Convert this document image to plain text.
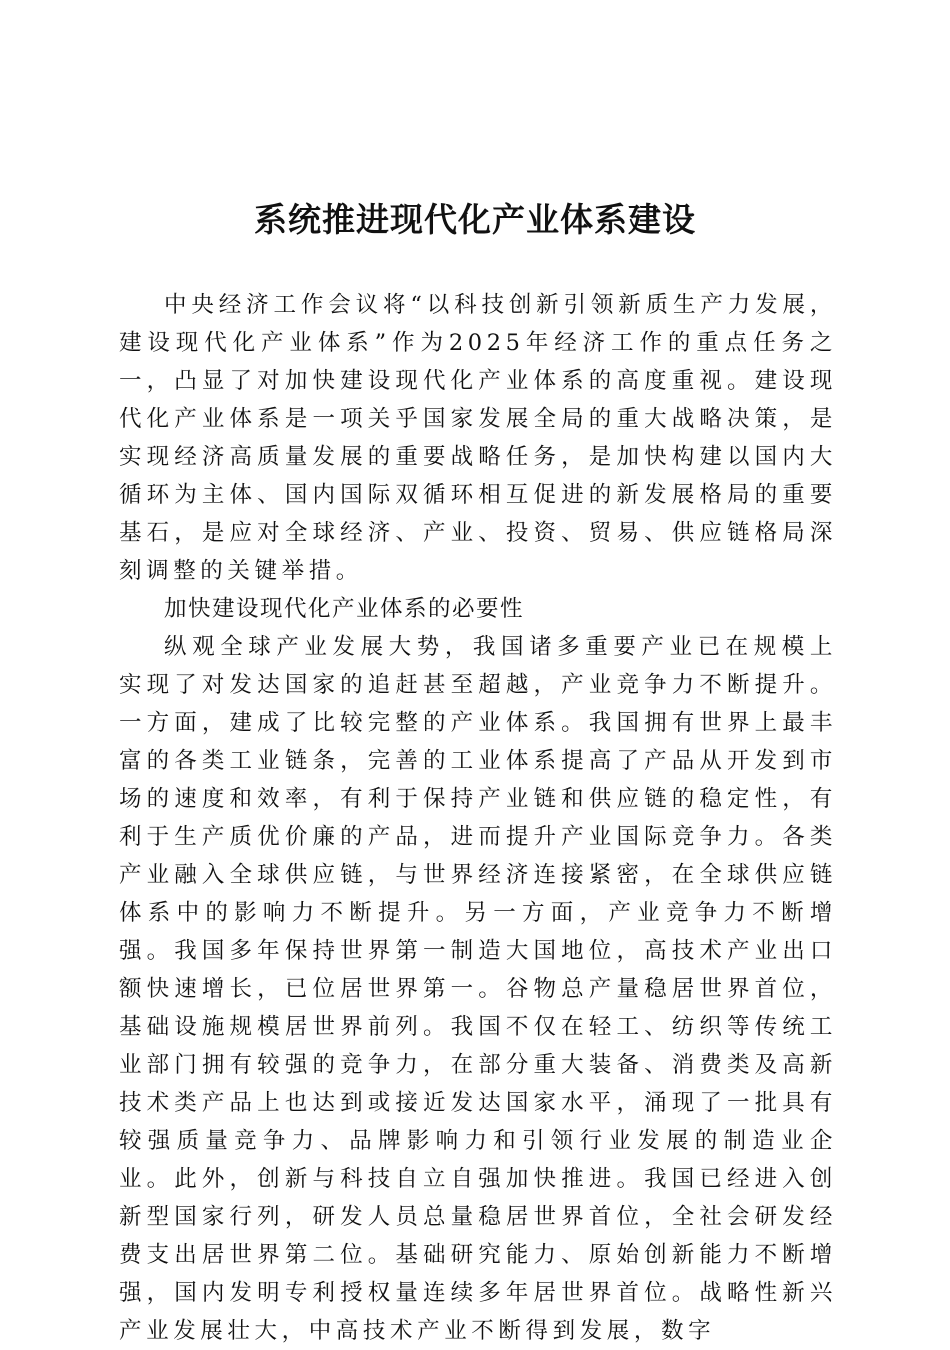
系统推进现代化产业体系建设

中央经济工作会议将“以科技创新引领新质生产力发展，建设现代化产业体系”作为2025年经济工作的重点任务之一，凸显了对加快建设现代化产业体系的高度重视。建设现代化产业体系是一项关乎国家发展全局的重大战略决策，是实现经济高质量发展的重要战略任务，是加快构建以国内大循环为主体、国内国际双循环相互促进的新发展格局的重要基石，是应对全球经济、产业、投资、贸易、供应链格局深刻调整的关键举措。

加快建设现代化产业体系的必要性

纵观全球产业发展大势，我国诸多重要产业已在规模上实现了对发达国家的追赶甚至超越，产业竞争力不断提升。一方面，建成了比较完整的产业体系。我国拥有世界上最丰富的各类工业链条，完善的工业体系提高了产品从开发到市场的速度和效率，有利于保持产业链和供应链的稳定性，有利于生产质优价廉的产品，进而提升产业国际竞争力。各类产业融入全球供应链，与世界经济连接紧密，在全球供应链体系中的影响力不断提升。另一方面，产业竞争力不断增强。我国多年保持世界第一制造大国地位，高技术产业出口额快速增长，已位居世界第一。谷物总产量稳居世界首位，基础设施规模居世界前列。我国不仅在轻工、纺织等传统工业部门拥有较强的竞争力，在部分重大装备、消费类及高新技术类产品上也达到或接近发达国家水平，涌现了一批具有较强质量竞争力、品牌影响力和引领行业发展的制造业企业。此外，创新与科技自立自强加快推进。我国已经进入创新型国家行列，研发人员总量稳居世界首位，全社会研发经费支出居世界第二位。基础研究能力、原始创新能力不断增强，国内发明专利授权量连续多年居世界首位。战略性新兴产业发展壮大，中高技术产业不断得到发展，数字
